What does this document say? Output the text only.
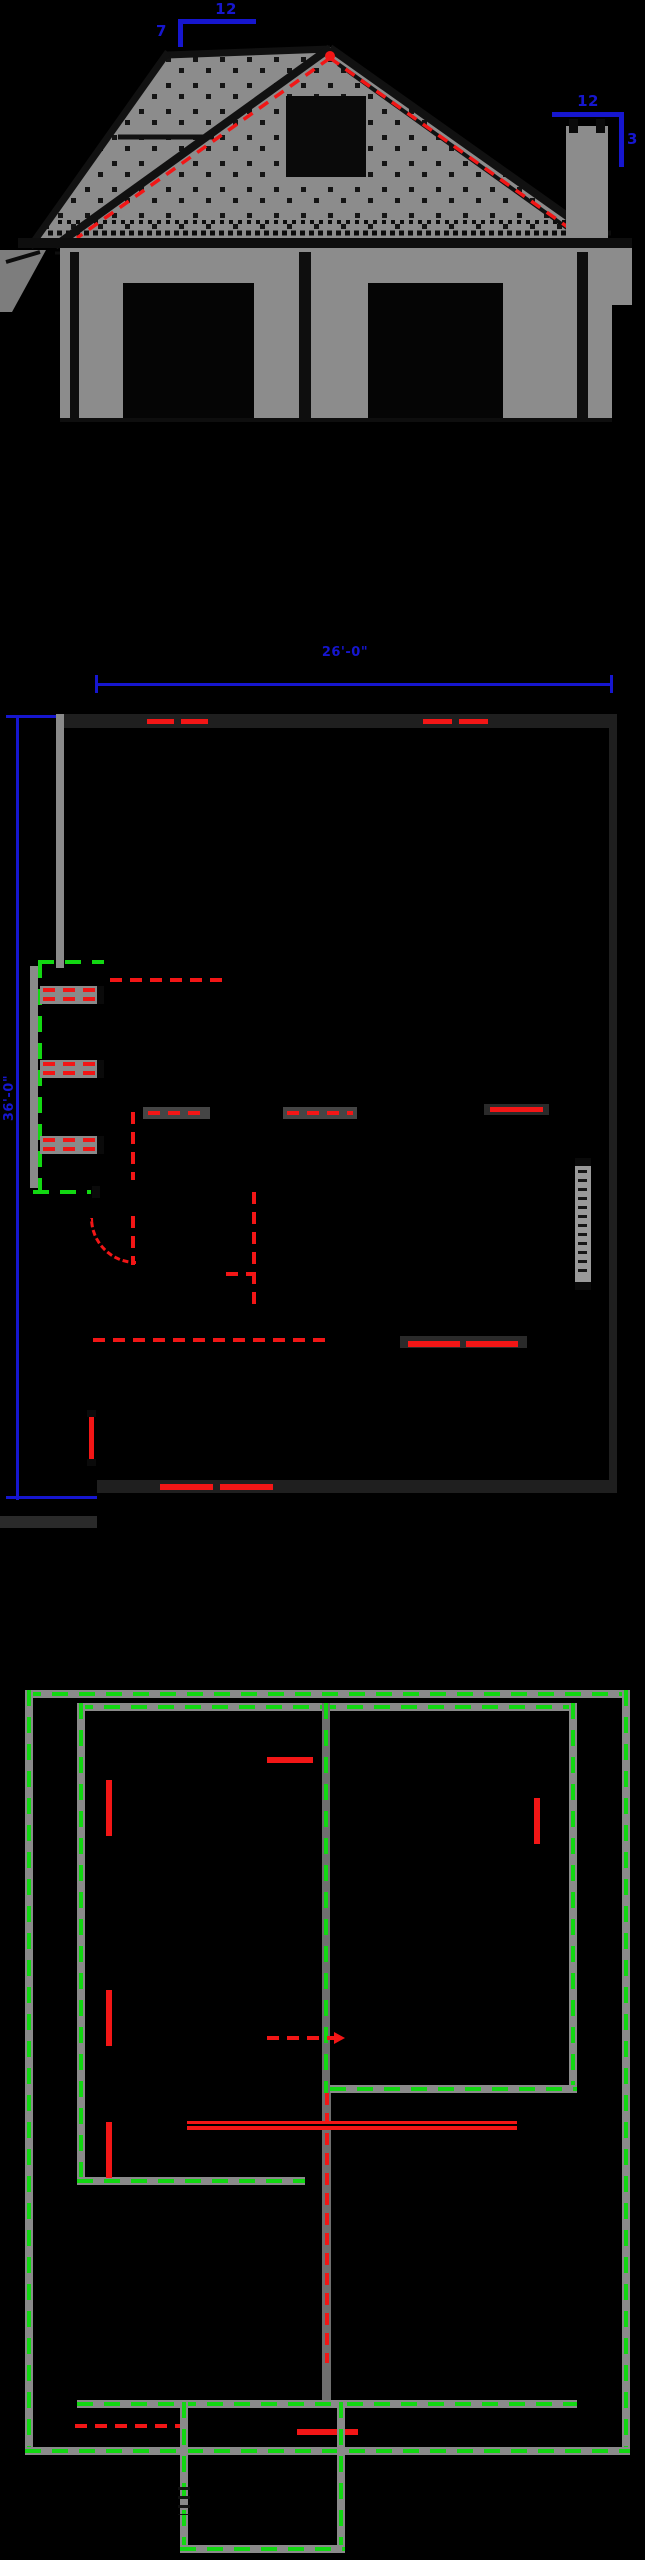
12
7
12
3
26'-0"
36'-0"
